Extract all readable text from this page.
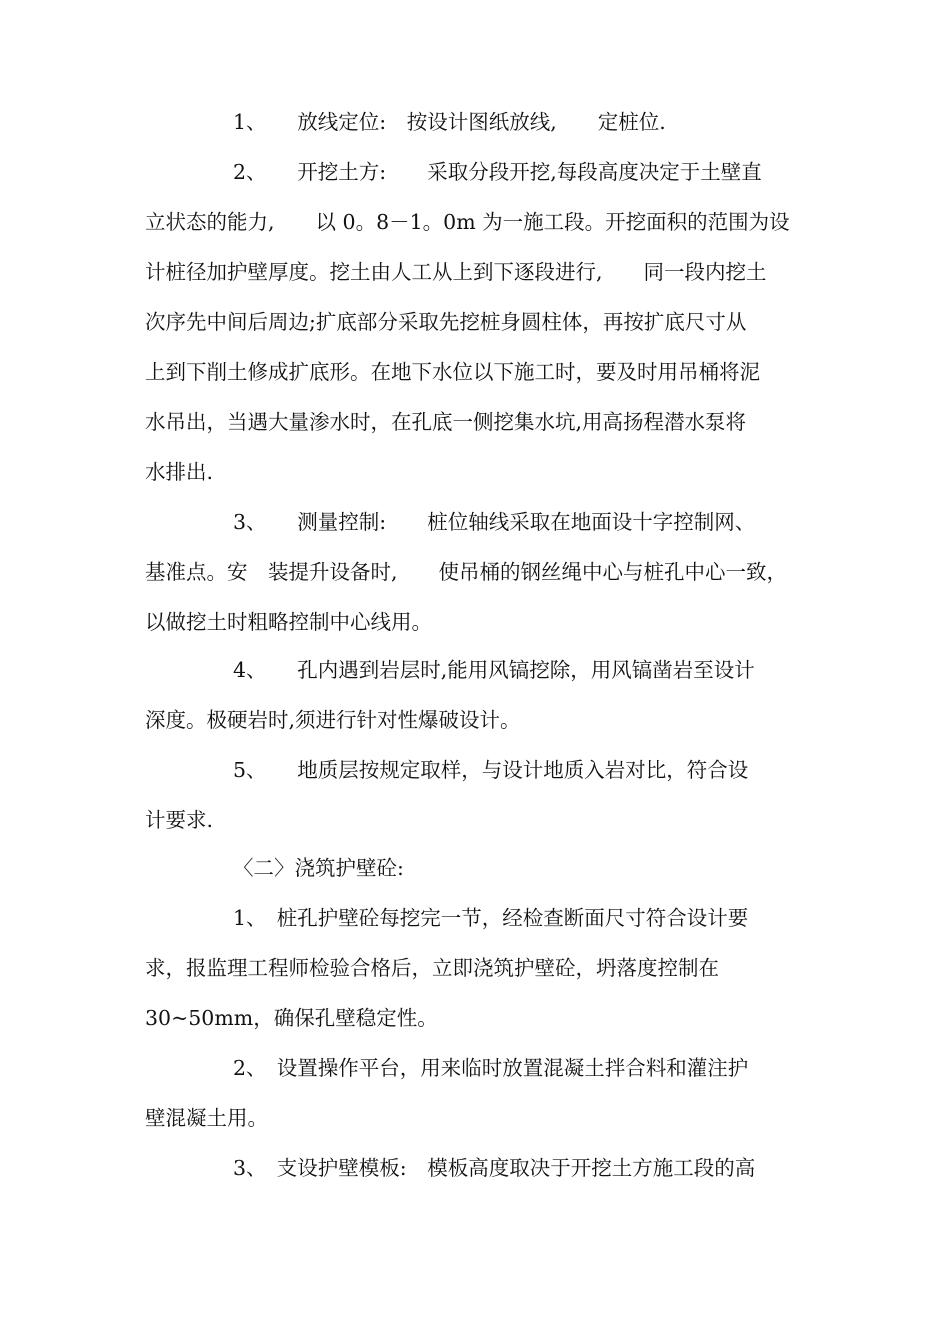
1、　　放线定位:　按设计图纸放线,　　定桩位.

2、　　开挖土方:　　采取分段开挖,每段高度决定于土壁直
立状态的能力,　　以 0。8－1。0m 为一施工段。开挖面积的范围为设
计桩径加护壁厚度。挖土由人工从上到下逐段进行,　　同一段内挖土
次序先中间后周边;扩底部分采取先挖桩身圆柱体，再按扩底尺寸从
上到下削土修成扩底形。在地下水位以下施工时，要及时用吊桶将泥
水吊出，当遇大量渗水时，在孔底一侧挖集水坑,用高扬程潜水泵将
水排出.

3、　　测量控制:　　桩位轴线采取在地面设十字控制网、
基准点。安　装提升设备时,　　使吊桶的钢丝绳中心与桩孔中心一致，
以做挖土时粗略控制中心线用。

4、　　孔内遇到岩层时,能用风镐挖除，用风镐凿岩至设计
深度。极硬岩时,须进行针对性爆破设计。

5、　　地质层按规定取样，与设计地质入岩对比，符合设
计要求.

〈二〉浇筑护壁砼:

1、　桩孔护壁砼每挖完一节，经检查断面尺寸符合设计要
求，报监理工程师检验合格后，立即浇筑护壁砼，坍落度控制在
30~50mm，确保孔壁稳定性。

2、　设置操作平台，用来临时放置混凝土拌合料和灌注护
壁混凝土用。

3、　支设护壁模板:　模板高度取决于开挖土方施工段的高
